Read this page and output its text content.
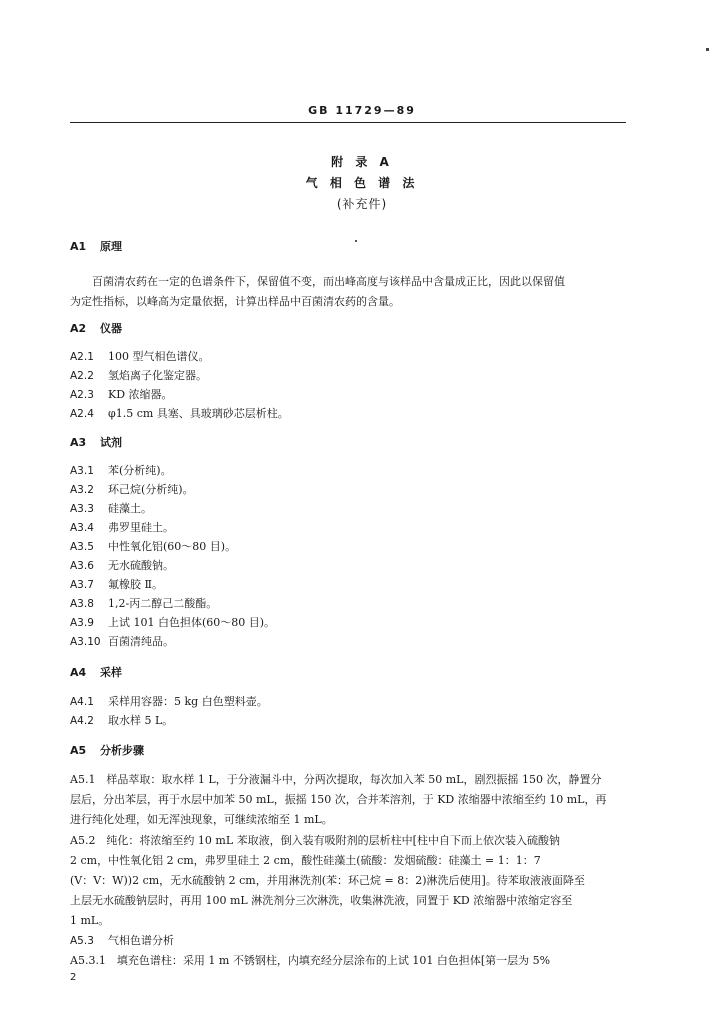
GB 11729—89
附 录 A
气 相 色 谱 法
(补充件)
A1 原理
百菌清农药在一定的色谱条件下，保留值不变，而出峰高度与该样品中含量成正比，因此以保留值
为定性指标，以峰高为定量依据，计算出样品中百菌清农药的含量。
A2 仪器
A2.1 100 型气相色谱仪。
A2.2 氢焰离子化鉴定器。
A2.3 KD 浓缩器。
A2.4 φ1.5 cm 具塞、具玻璃砂芯层析柱。
A3 试剂
A3.1 苯(分析纯)。
A3.2 环己烷(分析纯)。
A3.3 硅藻土。
A3.4 弗罗里硅土。
A3.5 中性氧化铝(60～80 目)。
A3.6 无水硫酸钠。
A3.7 氟橡胶 Ⅱ。
A3.8 1,2-丙二醇己二酸酯。
A3.9 上试 101 白色担体(60～80 目)。
A3.10 百菌清纯品。
A4 采样
A4.1 采样用容器：5 kg 白色塑料壶。
A4.2 取水样 5 L。
A5 分析步骤
A5.1　样品萃取：取水样 1 L，于分液漏斗中，分两次提取，每次加入苯 50 mL，剧烈振摇 150 次，静置分
层后，分出苯层，再于水层中加苯 50 mL，振摇 150 次，合并苯溶剂，于 KD 浓缩器中浓缩至约 10 mL，再
进行纯化处理，如无浑浊现象，可继续浓缩至 1 mL。
A5.2　纯化：将浓缩至约 10 mL 苯取液，倒入装有吸附剂的层析柱中[柱中自下而上依次装入硫酸钠
2 cm，中性氧化铝 2 cm，弗罗里硅土 2 cm，酸性硅藻土(硫酸：发烟硫酸：硅藻土 = 1：1：7
(V：V：W))2 cm，无水硫酸钠 2 cm，并用淋洗剂(苯：环己烷 = 8：2)淋洗后使用]。待苯取液液面降至
上层无水硫酸钠层时，再用 100 mL 淋洗剂分三次淋洗，收集淋洗液，同置于 KD 浓缩器中浓缩定容至
1 mL。
A5.3 气相色谱分析
A5.3.1　填充色谱柱：采用 1 m 不锈钢柱，内填充经分层涂布的上试 101 白色担体[第一层为 5%
2
